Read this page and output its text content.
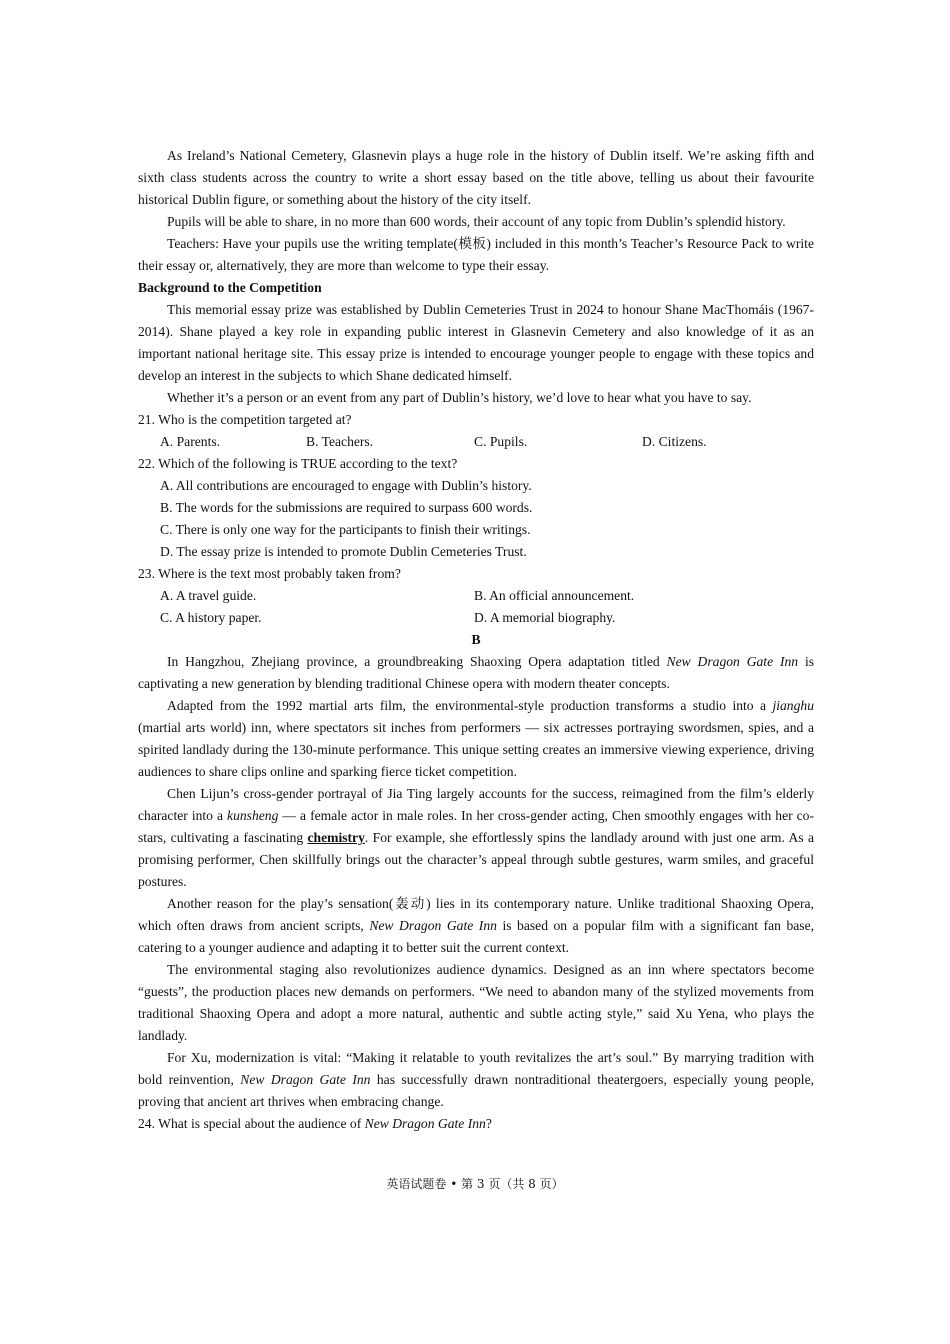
As Ireland’s National Cemetery, Glasnevin plays a huge role in the history of Dublin itself. We’re asking fifth and sixth class students across the country to write a short essay based on the title above, telling us about their favourite historical Dublin figure, or something about the history of the city itself.

Pupils will be able to share, in no more than 600 words, their account of any topic from Dublin’s splendid history.

Teachers: Have your pupils use the writing template(模板) included in this month’s Teacher’s Resource Pack to write their essay or, alternatively, they are more than welcome to type their essay.

Background to the Competition

This memorial essay prize was established by Dublin Cemeteries Trust in 2024 to honour Shane MacThomáis (1967-2014). Shane played a key role in expanding public interest in Glasnevin Cemetery and also knowledge of it as an important national heritage site. This essay prize is intended to encourage younger people to engage with these topics and develop an interest in the subjects to which Shane dedicated himself.

Whether it’s a person or an event from any part of Dublin’s history, we’d love to hear what you have to say.

21. Who is the competition targeted at?

A. Parents.	B. Teachers.	C. Pupils.	D. Citizens.

22. Which of the following is TRUE according to the text?

A. All contributions are encouraged to engage with Dublin’s history.

B. The words for the submissions are required to surpass 600 words.

C. There is only one way for the participants to finish their writings.

D. The essay prize is intended to promote Dublin Cemeteries Trust.

23. Where is the text most probably taken from?

A. A travel guide.	B. An official announcement.
C. A history paper.	D. A memorial biography.

B

In Hangzhou, Zhejiang province, a groundbreaking Shaoxing Opera adaptation titled New Dragon Gate Inn is captivating a new generation by blending traditional Chinese opera with modern theater concepts.

Adapted from the 1992 martial arts film, the environmental-style production transforms a studio into a jianghu (martial arts world) inn, where spectators sit inches from performers — six actresses portraying swordsmen, spies, and a spirited landlady during the 130-minute performance. This unique setting creates an immersive viewing experience, driving audiences to share clips online and sparking fierce ticket competition.

Chen Lijun’s cross-gender portrayal of Jia Ting largely accounts for the success, reimagined from the film’s elderly character into a kunsheng — a female actor in male roles. In her cross-gender acting, Chen smoothly engages with her co-stars, cultivating a fascinating chemistry. For example, she effortlessly spins the landlady around with just one arm. As a promising performer, Chen skillfully brings out the character’s appeal through subtle gestures, warm smiles, and graceful postures.

Another reason for the play’s sensation(轰动) lies in its contemporary nature. Unlike traditional Shaoxing Opera, which often draws from ancient scripts, New Dragon Gate Inn is based on a popular film with a significant fan base, catering to a younger audience and adapting it to better suit the current context.

The environmental staging also revolutionizes audience dynamics. Designed as an inn where spectators become “guests”, the production places new demands on performers. “We need to abandon many of the stylized movements from traditional Shaoxing Opera and adopt a more natural, authentic and subtle acting style,” said Xu Yena, who plays the landlady.

For Xu, modernization is vital: “Making it relatable to youth revitalizes the art’s soul.” By marrying tradition with bold reinvention, New Dragon Gate Inn has successfully drawn nontraditional theatergoers, especially young people, proving that ancient art thrives when embracing change.

24. What is special about the audience of New Dragon Gate Inn?

英语试题卷 • 第 3 页（共 8 页）
